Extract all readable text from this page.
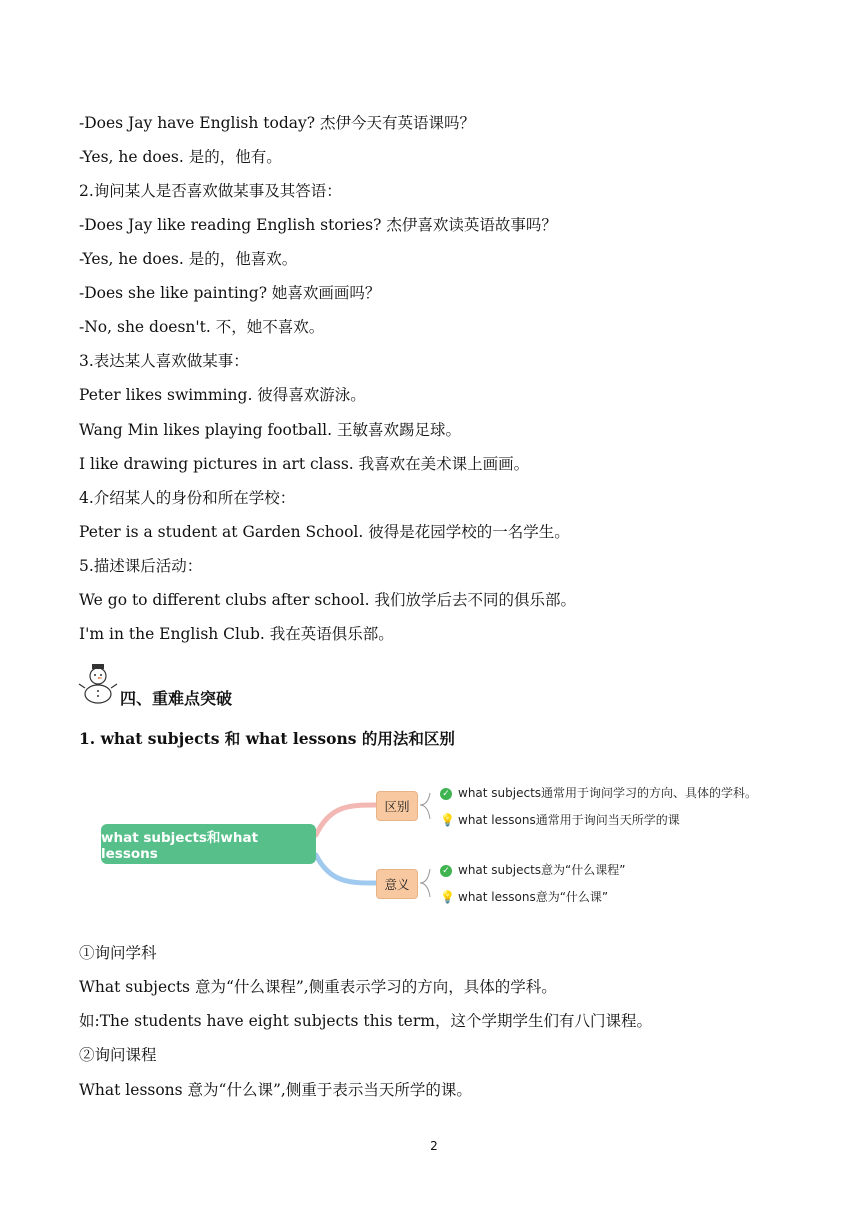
-Does Jay have English today? 杰伊今天有英语课吗？
-Yes, he does. 是的，他有。
2.询问某人是否喜欢做某事及其答语：
-Does Jay like reading English stories? 杰伊喜欢读英语故事吗？
-Yes, he does. 是的，他喜欢。
-Does she like painting? 她喜欢画画吗？
-No, she doesn't. 不，她不喜欢。
3.表达某人喜欢做某事：
Peter likes swimming. 彼得喜欢游泳。
Wang Min likes playing football. 王敏喜欢踢足球。
I like drawing pictures in art class. 我喜欢在美术课上画画。
4.介绍某人的身份和所在学校：
Peter is a student at Garden School. 彼得是花园学校的一名学生。
5.描述课后活动：
We go to different clubs after school. 我们放学后去不同的俱乐部。
I'm in the English Club. 我在英语俱乐部。
四、重难点突破
1. what subjects 和 what lessons 的用法和区别
what subjects和what lessons
区别
意义
✓ what subjects通常用于询问学习的方向、具体的学科。
💡 what lessons通常用于询问当天所学的课
✓ what subjects意为“什么课程”
💡 what lessons意为“什么课”
①询问学科
What subjects 意为“什么课程”,侧重表示学习的方向，具体的学科。
如:The students have eight subjects this term，这个学期学生们有八门课程。
②询问课程
What lessons 意为“什么课”,侧重于表示当天所学的课。
2
